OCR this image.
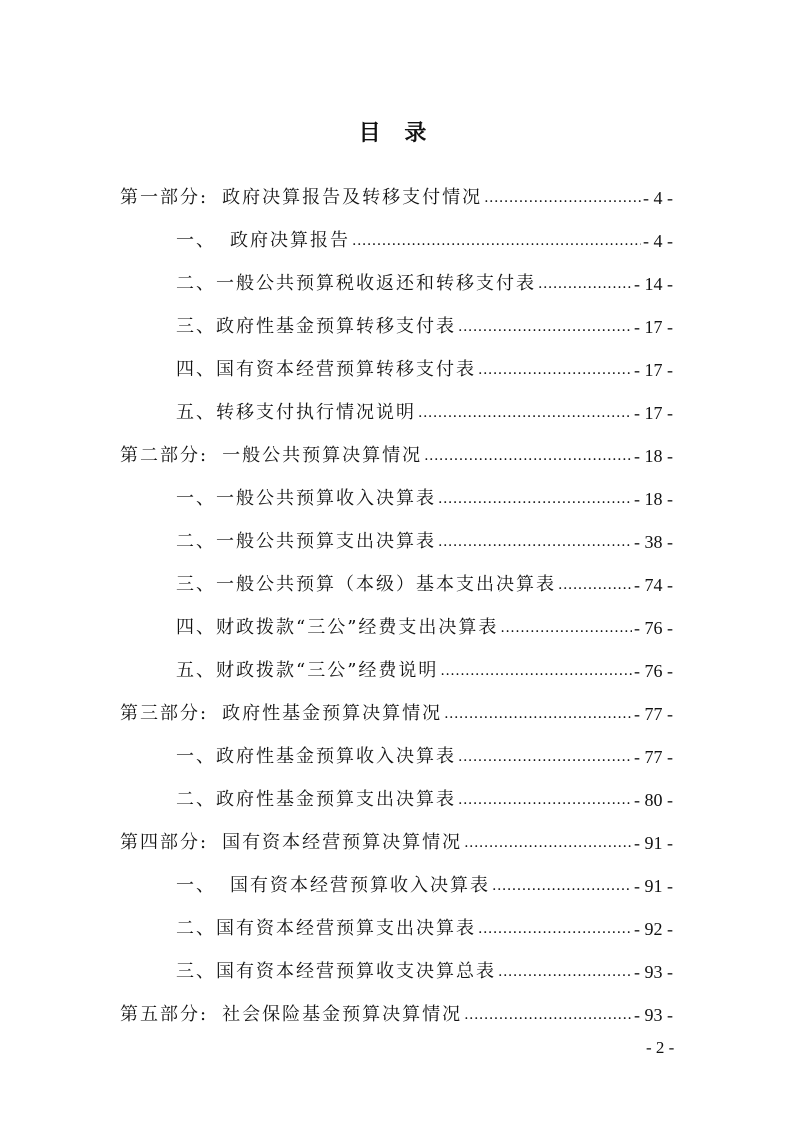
目 录
第一部分: 政府决算报告及转移支付情况 .....	- 4 -
一、 政府决算报告 .....	- 4 -
二、 一般公共预算税收返还和转移支付表 .....	- 14 -
三、 政府性基金预算转移支付表 .....	- 17 -
四、 国有资本经营预算转移支付表 .....	- 17 -
五、 转移支付执行情况说明 .....	- 17 -
第二部分: 一般公共预算决算情况 .....	- 18 -
一、 一般公共预算收入决算表 .....	- 18 -
二、 一般公共预算支出决算表 .....	- 38 -
三、 一般公共预算（本级）基本支出决算表 .....	- 74 -
四、 财政拨款“三公”经费支出决算表 .....	- 76 -
五、 财政拨款“三公”经费说明 .....	- 76 -
第三部分: 政府性基金预算决算情况 .....	- 77 -
一、 政府性基金预算收入决算表 .....	- 77 -
二、 政府性基金预算支出决算表 .....	- 80 -
第四部分: 国有资本经营预算决算情况 .....	- 91 -
一、 国有资本经营预算收入决算表 .....	- 91 -
二、 国有资本经营预算支出决算表 .....	- 92 -
三、 国有资本经营预算收支决算总表 .....	- 93 -
第五部分: 社会保险基金预算决算情况 .....	- 93 -

- 2 -
